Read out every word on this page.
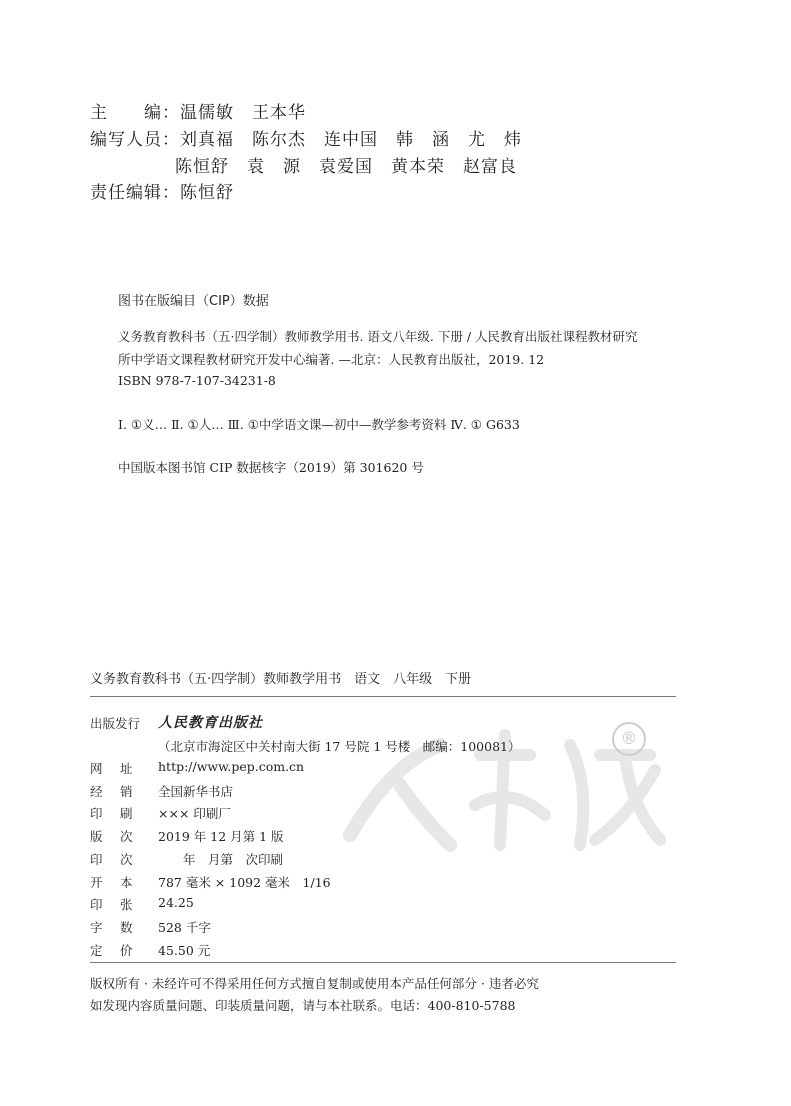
主　　编：温儒敏　王本华
编写人员：刘真福　陈尔杰　连中国　韩　涵　尤　炜
陈恒舒　袁　源　袁爱国　黄本荣　赵富良
责任编辑：陈恒舒
图书在版编目（CIP）数据
义务教育教科书（五·四学制）教师教学用书. 语文八年级. 下册 / 人民教育出版社课程教材研究
所中学语文课程教材研究开发中心编著. —北京：人民教育出版社，2019. 12
ISBN 978-7-107-34231-8
Ⅰ. ①义… Ⅱ. ①人… Ⅲ. ①中学语文课—初中—教学参考资料 Ⅳ. ① G633
中国版本图书馆 CIP 数据核字（2019）第 301620 号
义务教育教科书（五·四学制）教师教学用书　语文　八年级　下册
®
出版发行 人民教育出版社
（北京市海淀区中关村南大街 17 号院 1 号楼　邮编：100081）
网 址 http://www.pep.com.cn
经 销 全国新华书店
印 刷 ××× 印刷厂
版 次 2019 年 12 月第 1 版
印 次 　　年　月第　次印刷
开 本 787 毫米 × 1092 毫米　1/16
印 张 24.25
字 数 528 千字
定 价 45.50 元
版权所有 · 未经许可不得采用任何方式擅自复制或使用本产品任何部分 · 违者必究
如发现内容质量问题、印装质量问题，请与本社联系。电话：400-810-5788
